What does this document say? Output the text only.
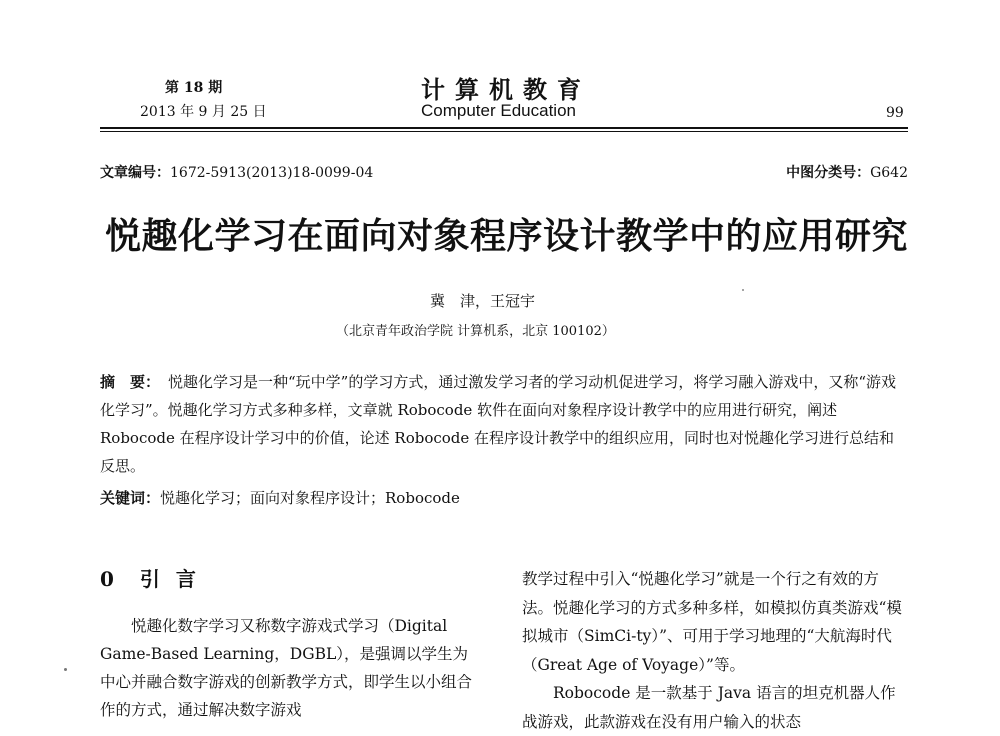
第 18 期
2013 年 9 月 25 日
计算机教育
Computer Education	99
文章编号：1672-5913(2013)18-0099-04	中图分类号：G642
悦趣化学习在面向对象程序设计教学中的应用研究
冀　津，王冠宇
（北京青年政治学院 计算机系，北京 100102）
摘　要： 悦趣化学习是一种“玩中学”的学习方式，通过激发学习者的学习动机促进学习，将学习融入游戏中，又称“游戏化学习”。悦趣化学习方式多种多样，文章就 Robocode 软件在面向对象程序设计教学中的应用进行研究，阐述 Robocode 在程序设计学习中的价值，论述 Robocode 在程序设计教学中的组织应用，同时也对悦趣化学习进行总结和反思。
关键词：悦趣化学习；面向对象程序设计；Robocode
0 引言

悦趣化数字学习又称数字游戏式学习（Digital Game-Based Learning，DGBL），是强调以学生为中心并融合数字游戏的创新教学方式，即学生以小组合作的方式，通过解决数字游戏

教学过程中引入“悦趣化学习”就是一个行之有效的方法。悦趣化学习的方式多种多样，如模拟仿真类游戏“模拟城市（SimCi-ty）”、可用于学习地理的“大航海时代（Great Age of Voyage）”等。

Robocode 是一款基于 Java 语言的坦克机器人作战游戏，此款游戏在没有用户输入的状态
